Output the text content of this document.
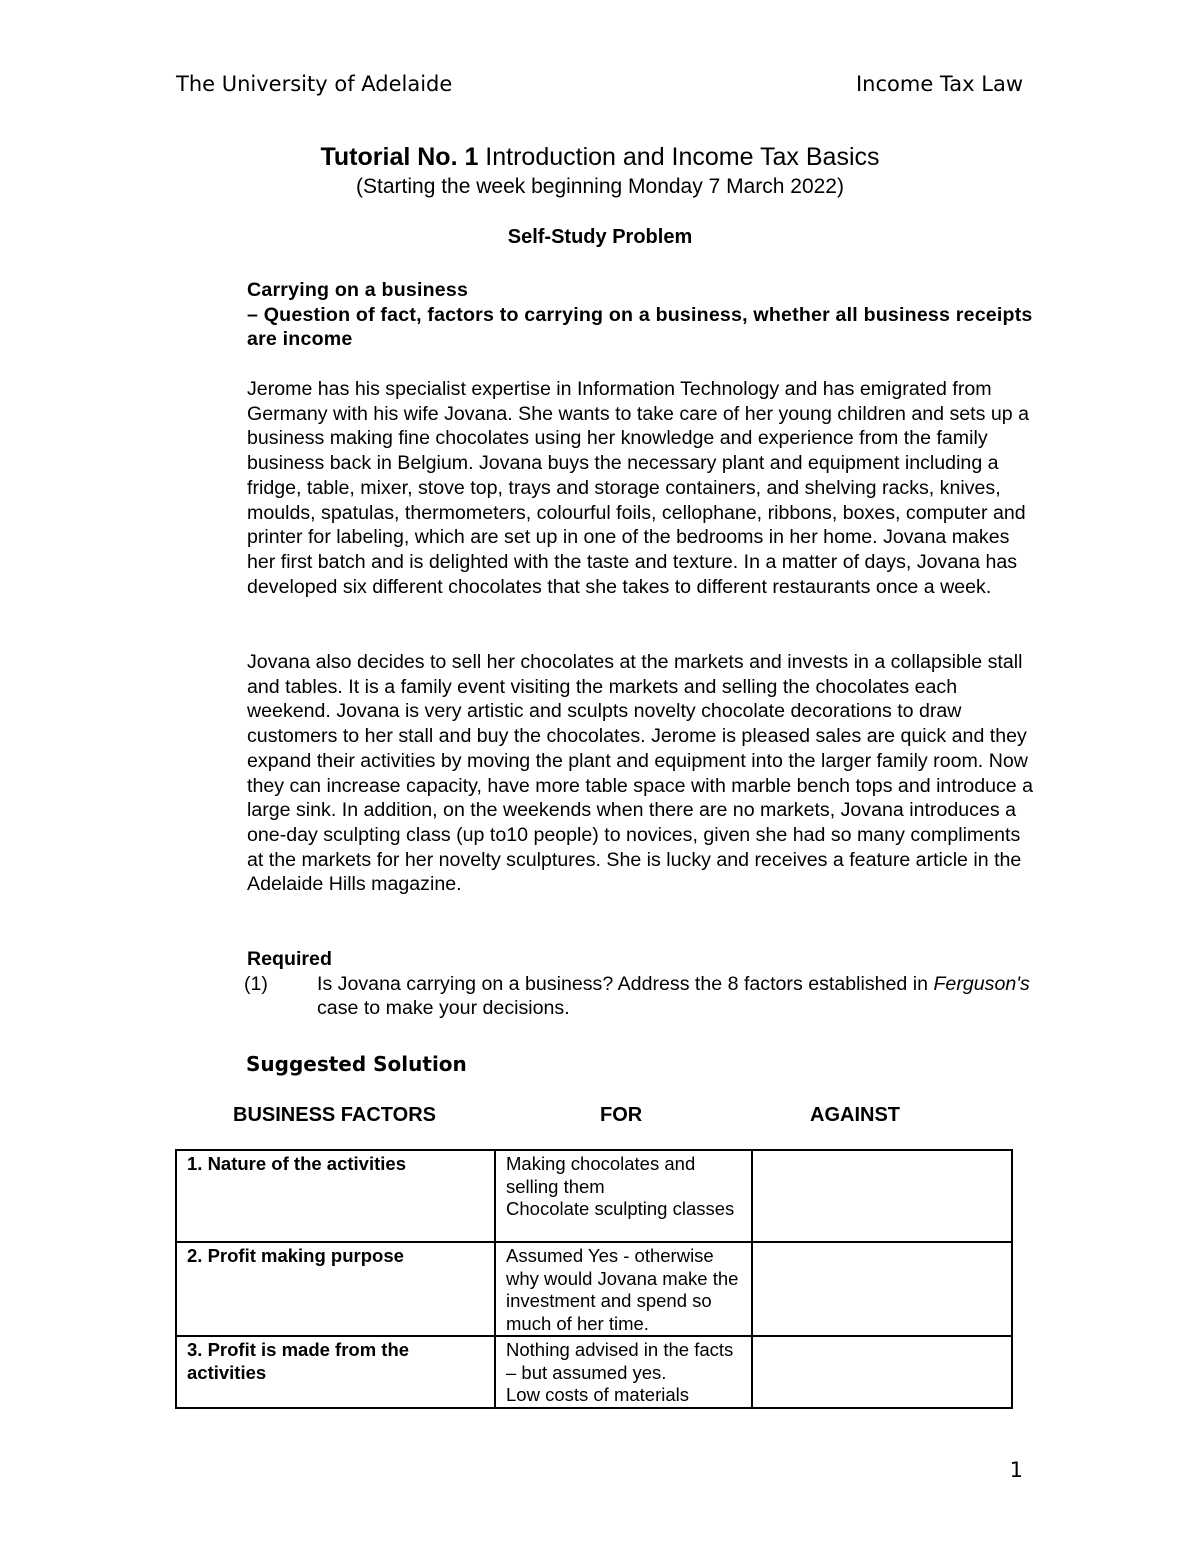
The University of Adelaide	Income Tax Law
Tutorial No. 1 Introduction and Income Tax Basics
(Starting the week beginning Monday 7 March 2022)
Self-Study Problem
Carrying on a business
– Question of fact, factors to carrying on a business, whether all business receipts are income
Jerome has his specialist expertise in Information Technology and has emigrated from Germany with his wife Jovana. She wants to take care of her young children and sets up a business making fine chocolates using her knowledge and experience from the family business back in Belgium. Jovana buys the necessary plant and equipment including a fridge, table, mixer, stove top, trays and storage containers, and shelving racks, knives, moulds, spatulas, thermometers, colourful foils, cellophane, ribbons, boxes, computer and printer for labeling, which are set up in one of the bedrooms in her home. Jovana makes her first batch and is delighted with the taste and texture. In a matter of days, Jovana has developed six different chocolates that she takes to different restaurants once a week.
Jovana also decides to sell her chocolates at the markets and invests in a collapsible stall and tables. It is a family event visiting the markets and selling the chocolates each weekend. Jovana is very artistic and sculpts novelty chocolate decorations to draw customers to her stall and buy the chocolates. Jerome is pleased sales are quick and they expand their activities by moving the plant and equipment into the larger family room. Now they can increase capacity, have more table space with marble bench tops and introduce a large sink. In addition, on the weekends when there are no markets, Jovana introduces a one-day sculpting class (up to10 people) to novices, given she had so many compliments at the markets for her novelty sculptures. She is lucky and receives a feature article in the Adelaide Hills magazine.
Required
(1)	Is Jovana carrying on a business? Address the 8 factors established in Ferguson's case to make your decisions.
Suggested Solution
BUSINESS FACTORS	FOR	AGAINST
1. Nature of the activities	Making chocolates and selling them
Chocolate sculpting classes	

2. Profit making purpose	Assumed Yes - otherwise why would Jovana make the investment and spend so much of her time.	
3. Profit is made from the activities	Nothing advised in the facts – but assumed yes.
Low costs of materials	

1
